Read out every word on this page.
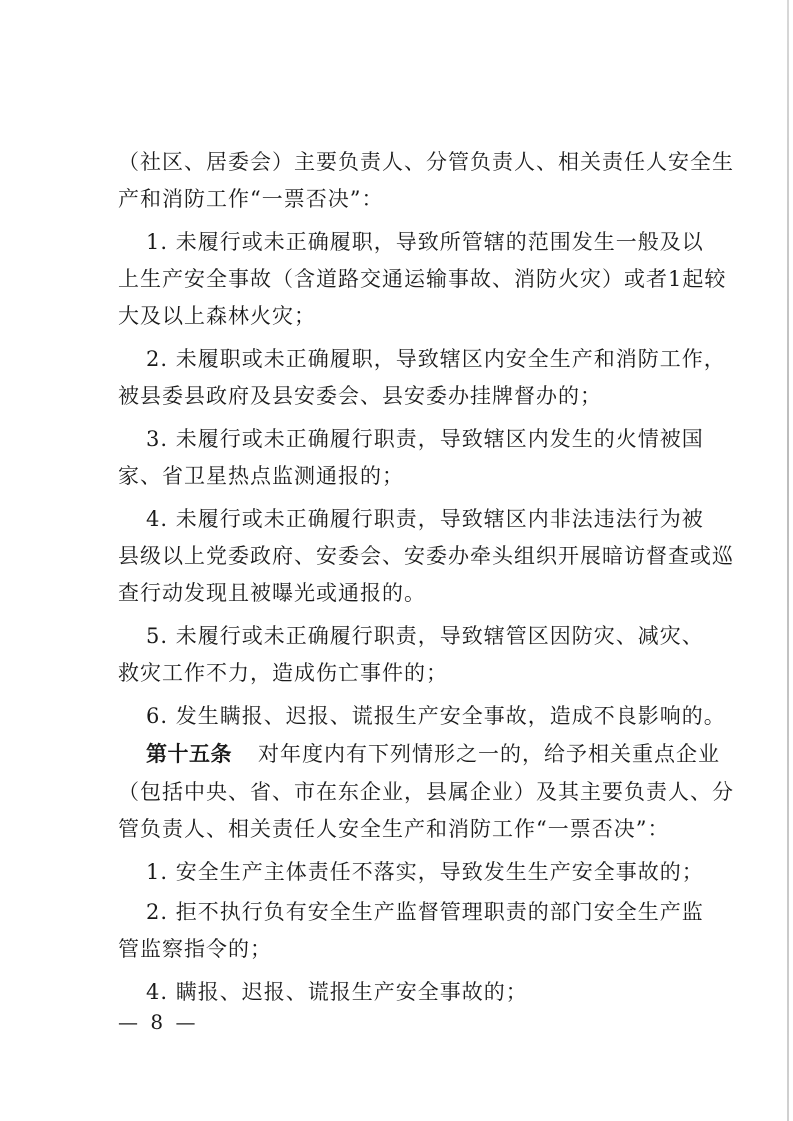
（社区、居委会）主要负责人、分管负责人、相关责任人安全生
产和消防工作“一票否决”：
1. 未履行或未正确履职，导致所管辖的范围发生一般及以
上生产安全事故（含道路交通运输事故、消防火灾）或者1起较
大及以上森林火灾；
2. 未履职或未正确履职，导致辖区内安全生产和消防工作，
被县委县政府及县安委会、县安委办挂牌督办的；
3. 未履行或未正确履行职责，导致辖区内发生的火情被国
家、省卫星热点监测通报的；
4. 未履行或未正确履行职责，导致辖区内非法违法行为被
县级以上党委政府、安委会、安委办牵头组织开展暗访督查或巡
查行动发现且被曝光或通报的。
5. 未履行或未正确履行职责，导致辖管区因防灾、减灾、
救灾工作不力，造成伤亡事件的；
6. 发生瞒报、迟报、谎报生产安全事故，造成不良影响的。
第十五条 对年度内有下列情形之一的，给予相关重点企业
（包括中央、省、市在东企业，县属企业）及其主要负责人、分
管负责人、相关责任人安全生产和消防工作“一票否决”：
1. 安全生产主体责任不落实，导致发生生产安全事故的；
2. 拒不执行负有安全生产监督管理职责的部门安全生产监
管监察指令的；
4. 瞒报、迟报、谎报生产安全事故的；
— 8 —
